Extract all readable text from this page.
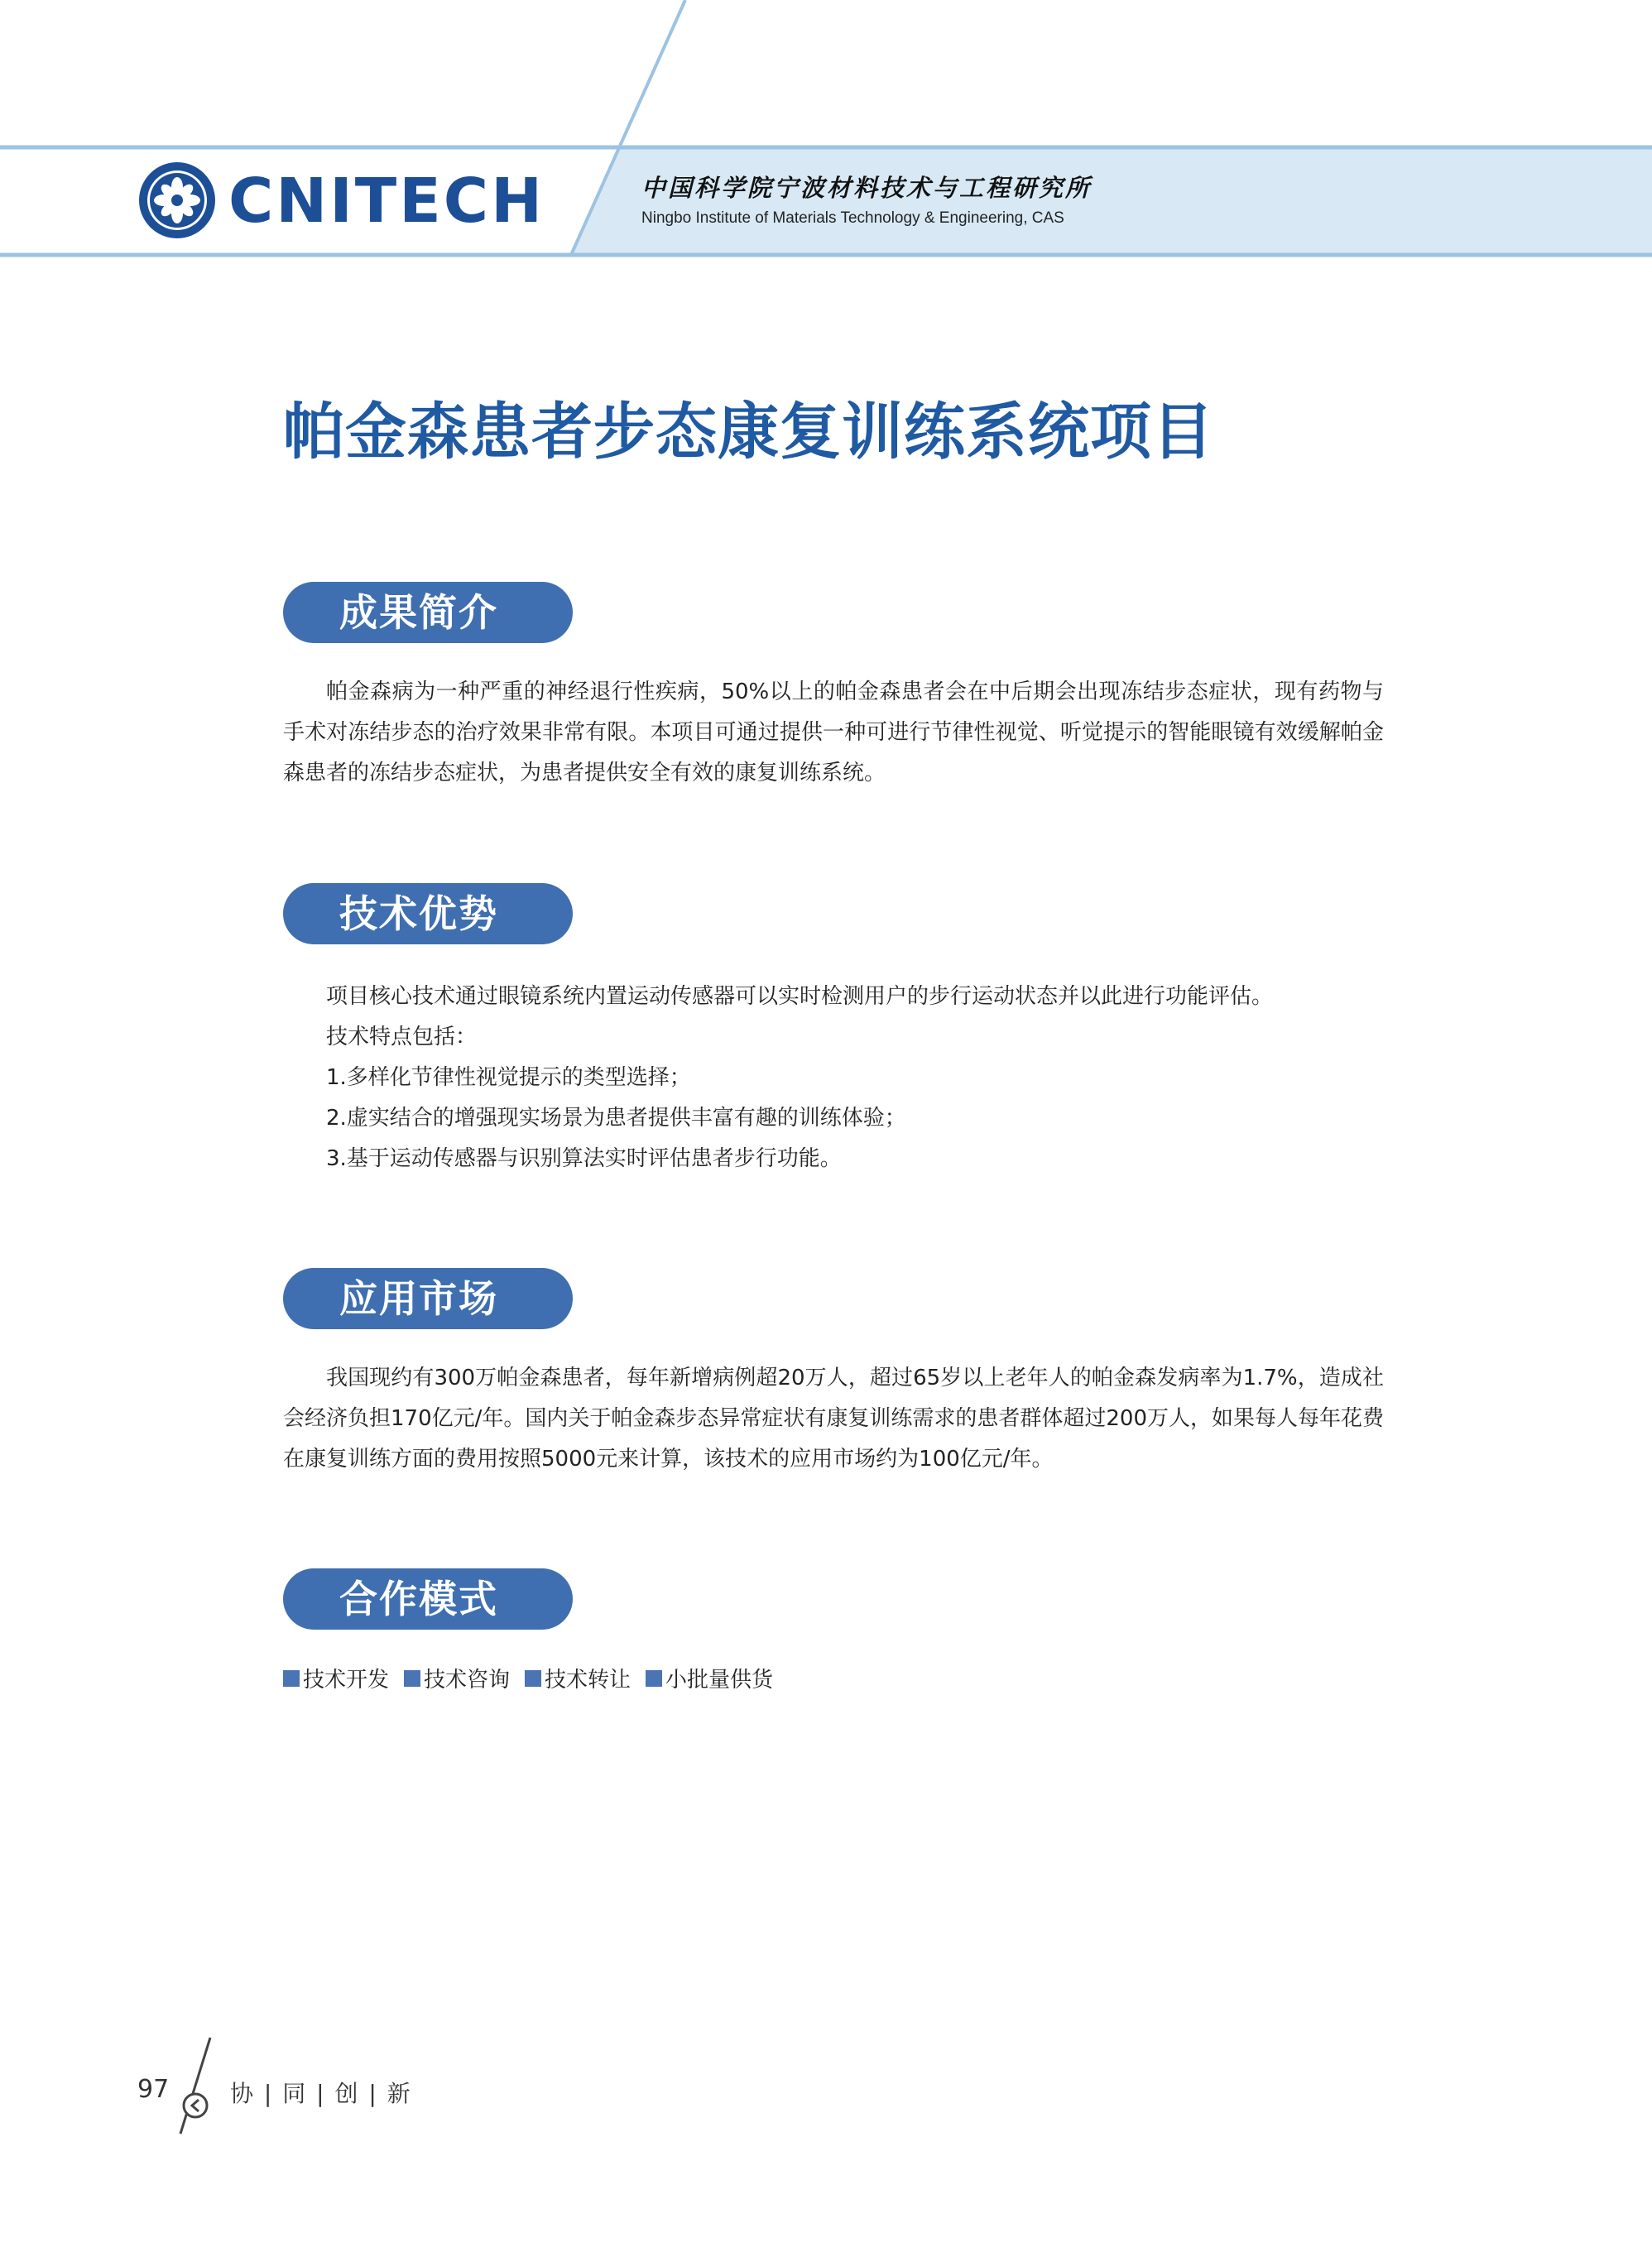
CNITECH	中国科学院宁波材料技术与工程研究所
Ningbo Institute of Materials Technology & Engineering, CAS
帕金森患者步态康复训练系统项目
成果简介

帕金森病为一种严重的神经退行性疾病，50%以上的帕金森患者会在中后期会出现冻结步态症状，现有药物与手术对冻结步态的治疗效果非常有限。本项目可通过提供一种可进行节律性视觉、听觉提示的智能眼镜有效缓解帕金森患者的冻结步态症状，为患者提供安全有效的康复训练系统。

技术优势
项目核心技术通过眼镜系统内置运动传感器可以实时检测用户的步行运动状态并以此进行功能评估。
技术特点包括：
1.多样化节律性视觉提示的类型选择；
2.虚实结合的增强现实场景为患者提供丰富有趣的训练体验；
3.基于运动传感器与识别算法实时评估患者步行功能。
应用市场

我国现约有300万帕金森患者，每年新增病例超20万人，超过65岁以上老年人的帕金森发病率为1.7%，造成社会经济负担170亿元/年。国内关于帕金森步态异常症状有康复训练需求的患者群体超过200万人，如果每人每年花费在康复训练方面的费用按照5000元来计算，该技术的应用市场约为100亿元/年。

合作模式
技术开发 技术咨询 技术转让 小批量供货
97	协 | 同 | 创 | 新
